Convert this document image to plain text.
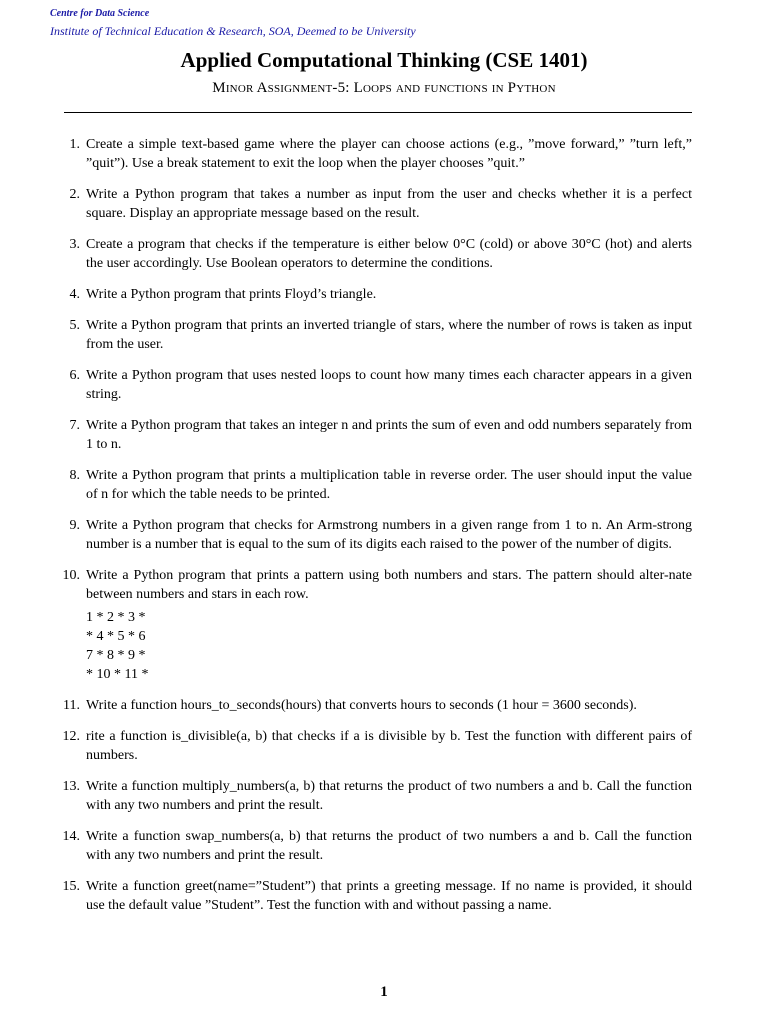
Centre for Data Science
Institute of Technical Education & Research, SOA, Deemed to be University
Applied Computational Thinking (CSE 1401)
Minor Assignment-5: Loops and functions in Python
1. Create a simple text-based game where the player can choose actions (e.g., ”move forward,” ”turn left,” ”quit”). Use a break statement to exit the loop when the player chooses ”quit.”
2. Write a Python program that takes a number as input from the user and checks whether it is a perfect square. Display an appropriate message based on the result.
3. Create a program that checks if the temperature is either below 0°C (cold) or above 30°C (hot) and alerts the user accordingly. Use Boolean operators to determine the conditions.
4. Write a Python program that prints Floyd’s triangle.
5. Write a Python program that prints an inverted triangle of stars, where the number of rows is taken as input from the user.
6. Write a Python program that uses nested loops to count how many times each character appears in a given string.
7. Write a Python program that takes an integer n and prints the sum of even and odd numbers separately from 1 to n.
8. Write a Python program that prints a multiplication table in reverse order. The user should input the value of n for which the table needs to be printed.
9. Write a Python program that checks for Armstrong numbers in a given range from 1 to n. An Arm-strong number is a number that is equal to the sum of its digits each raised to the power of the number of digits.
10. Write a Python program that prints a pattern using both numbers and stars. The pattern should alter-nate between numbers and stars in each row.
1 * 2 * 3 *
* 4 * 5 * 6
7 * 8 * 9 *
* 10 * 11 *
11. Write a function hours_to_seconds(hours) that converts hours to seconds (1 hour = 3600 seconds).
12. rite a function is_divisible(a, b) that checks if a is divisible by b. Test the function with different pairs of numbers.
13. Write a function multiply_numbers(a, b) that returns the product of two numbers a and b. Call the function with any two numbers and print the result.
14. Write a function swap_numbers(a, b) that returns the product of two numbers a and b. Call the function with any two numbers and print the result.
15. Write a function greet(name=”Student”) that prints a greeting message. If no name is provided, it should use the default value ”Student”. Test the function with and without passing a name.
1
